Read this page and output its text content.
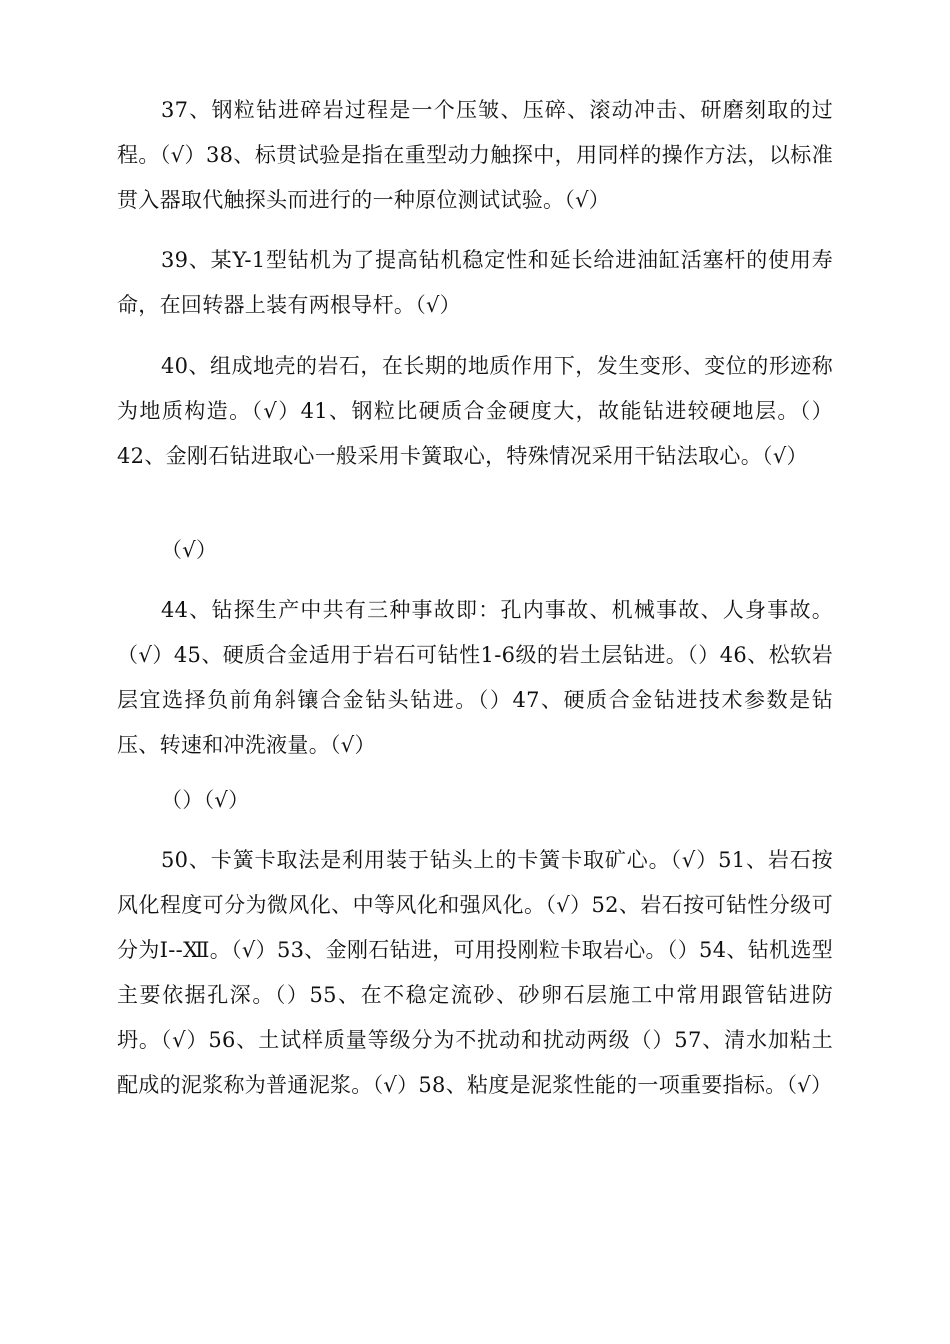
37、钢粒钻进碎岩过程是一个压皱、压碎、滚动冲击、研磨刻取的过程。（√）38、标贯试验是指在重型动力触探中，用同样的操作方法，以标准贯入器取代触探头而进行的一种原位测试试验。（√）

39、某Y-1型钻机为了提高钻机稳定性和延长给进油缸活塞杆的使用寿命，在回转器上装有两根导杆。（√）

40、组成地壳的岩石，在长期的地质作用下，发生变形、变位的形迹称为地质构造。（√）41、钢粒比硬质合金硬度大，故能钻进较硬地层。（）42、金刚石钻进取心一般采用卡簧取心，特殊情况采用干钻法取心。（√）

（√）

44、钻探生产中共有三种事故即：孔内事故、机械事故、人身事故。（√）45、硬质合金适用于岩石可钻性1-6级的岩土层钻进。（）46、松软岩层宜选择负前角斜镶合金钻头钻进。（）47、硬质合金钻进技术参数是钻压、转速和冲洗液量。（√）

（）（√）

50、卡簧卡取法是利用装于钻头上的卡簧卡取矿心。（√）51、岩石按风化程度可分为微风化、中等风化和强风化。（√）52、岩石按可钻性分级可分为Ⅰ--Ⅻ。（√）53、金刚石钻进，可用投刚粒卡取岩心。（）54、钻机选型主要依据孔深。（）55、在不稳定流砂、砂卵石层施工中常用跟管钻进防坍。（√）56、土试样质量等级分为不扰动和扰动两级（）57、清水加粘土配成的泥浆称为普通泥浆。（√）58、粘度是泥浆性能的一项重要指标。（√）
